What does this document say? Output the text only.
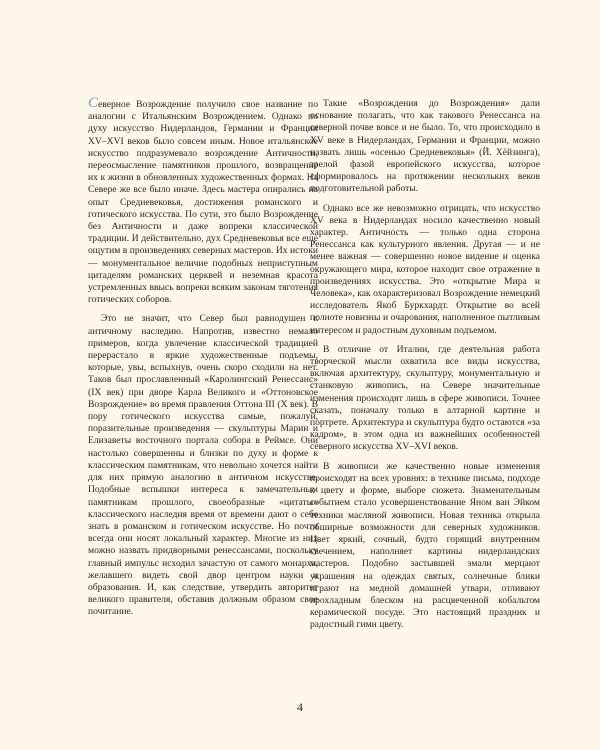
Северное Возрождение получило свое название по аналогии с Итальянским Возрождением. Однако по духу искусство Нидерландов, Германии и Франции XV–XVI веков было совсем иным. Новое итальянское искусство подразумевало возрождение Античности, переосмысление памятников прошлого, возвращение их к жизни в обновленных художественных формах. На Севере же все было иначе. Здесь мастера опирались на опыт Средневековья, достижения романского и готического искусства. По сути, это было Возрождение без Античности и даже вопреки классической традиции. И действительно, дух Средневековья все еще ощутим в произведениях северных мастеров. Их истоки — монументальное величие подобных неприступным цитаделям романских церквей и неземная красота устремленных ввысь вопреки всяким законам тяготения готических соборов.

Это не значит, что Север был равнодушен к античному наследию. Напротив, известно немало примеров, когда увлечение классической традицией перерастало в яркие художественные подъемы, которые, увы, вспыхнув, очень скоро сходили на нет. Таков был прославленный «Каролингский Ренессанс» (IX век) при дворе Карла Великого и «Оттоновское Возрождение» во время правления Оттона III (X век). В пору готического искусства самые, пожалуй, поразительные произведения — скульптуры Марии и Елизаветы восточного портала собора в Реймсе. Они настолько совершенны и близки по духу и форме к классическим памятникам, что невольно хочется найти для них прямую аналогию в античном искусстве. Подобные вспышки интереса к замечательным памятникам прошлого, своеобразные «цитаты» классического наследия время от времени дают о себе знать в романском и готическом искусстве. Но почти всегда они носят локальный характер. Многие из них можно назвать придворными ренессансами, поскольку главный импульс исходил зачастую от самого монарха, желавшего видеть свой двор центром науки и образования. И, как следствие, утвердить авторитет великого правителя, обставив должным образом свое почитание.

Такие «Возрождения до Возрождения» дали основание полагать, что как такового Ренессанса на северной почве вовсе и не было. То, что происходило в XV веке в Нидерландах, Германии и Франции, можно назвать лишь «осенью Средневековья» (Й. Хёйзинга), зрелой фазой европейского искусства, которое сформировалось на протяжении нескольких веков подготовительной работы.

Однако все же невозможно отрицать, что искусство XV века в Нидерландах носило качественно новый характер. Античность — только одна сторона Ренессанса как культурного явления. Другая — и не менее важная — совершенно новое видение и оценка окружающего мира, которое находит свое отражение в произведениях искусства. Это «открытие Мира и Человека», как охарактеризовал Возрождение немецкий исследователь Якоб Буркхардт. Открытие во всей полноте новизны и очарования, наполненное пытливым интересом и радостным духовным подъемом.

В отличие от Италии, где деятельная работа творческой мысли охватила все виды искусства, включая архитектуру, скульптуру, монументальную и станковую живопись, на Севере значительные изменения происходят лишь в сфере живописи. Точнее сказать, поначалу только в алтарной картине и портрете. Архитектура и скульптура будто остаются «за кадром», в этом одна из важнейших особенностей северного искусства XV–XVI веков.

В живописи же качественно новые изменения происходят на всех уровнях: в технике письма, подходе к цвету и форме, выборе сюжета. Знаменательным событием стало усовершенствование Яном ван Эйком техники масляной живописи. Новая техника открыла обширные возможности для северных художников. Цвет яркий, сочный, будто горящий внутренним свечением, наполняет картины нидерландских мастеров. Подобно застывшей эмали мерцают украшения на одеждах святых, солнечные блики играют на медной домашней утвари, отливают прохладным блеском на расцвеченной кобальтом керамической посуде. Это настоящий праздник и радостный гимн цвету.

4
